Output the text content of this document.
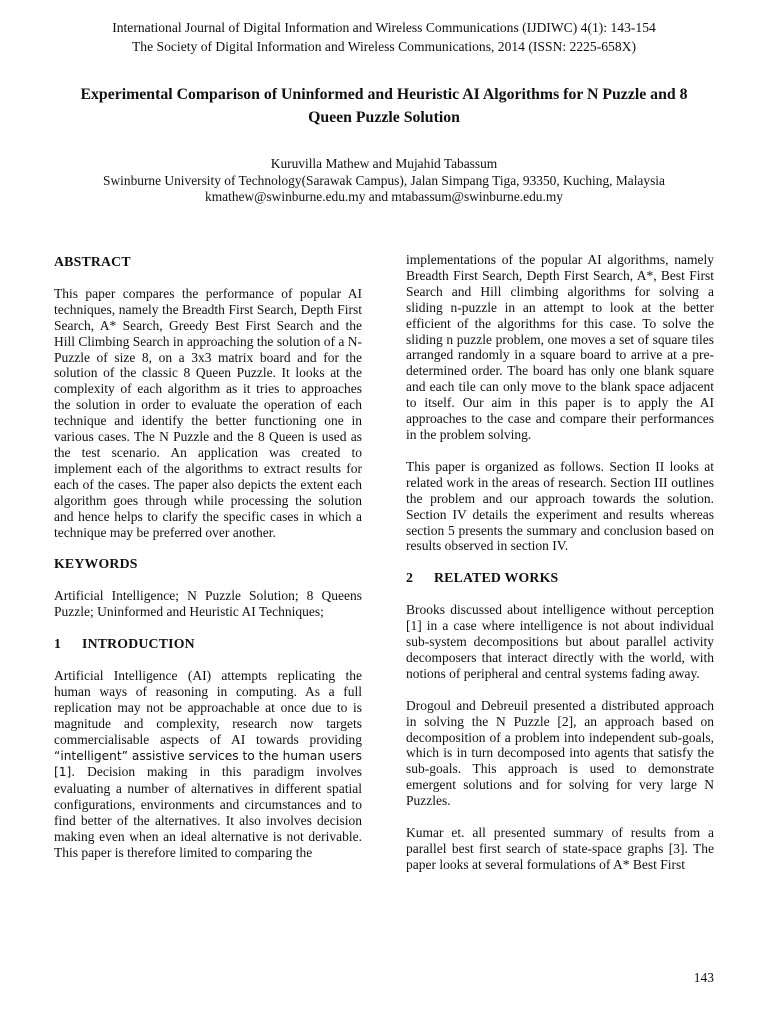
International Journal of Digital Information and Wireless Communications (IJDIWC) 4(1): 143-154
The Society of Digital Information and Wireless Communications, 2014 (ISSN: 2225-658X)
Experimental Comparison of Uninformed and Heuristic AI Algorithms for N Puzzle and 8 Queen Puzzle Solution
Kuruvilla Mathew and Mujahid Tabassum
Swinburne University of Technology(Sarawak Campus), Jalan Simpang Tiga, 93350, Kuching, Malaysia
kmathew@swinburne.edu.my and mtabassum@swinburne.edu.my
ABSTRACT

This paper compares the performance of popular AI techniques, namely the Breadth First Search, Depth First Search, A* Search, Greedy Best First Search and the Hill Climbing Search in approaching the solution of a N-Puzzle of size 8, on a 3x3 matrix board and for the solution of the classic 8 Queen Puzzle. It looks at the complexity of each algorithm as it tries to approaches the solution in order to evaluate the operation of each technique and identify the better functioning one in various cases. The N Puzzle and the 8 Queen is used as the test scenario. An application was created to implement each of the algorithms to extract results for each of the cases. The paper also depicts the extent each algorithm goes through while processing the solution and hence helps to clarify the specific cases in which a technique may be preferred over another.

KEYWORDS

Artificial Intelligence; N Puzzle Solution; 8 Queens Puzzle; Uninformed and Heuristic AI Techniques;

1 INTRODUCTION

Artificial Intelligence (AI) attempts replicating the human ways of reasoning in computing. As a full replication may not be approachable at once due to is magnitude and complexity, research now targets commercialisable aspects of AI towards providing “intelligent” assistive services to the human users [1]. Decision making in this paradigm involves evaluating a number of alternatives in different spatial configurations, environments and circumstances and to find better of the alternatives. It also involves decision making even when an ideal alternative is not derivable. This paper is therefore limited to comparing the

implementations of the popular AI algorithms, namely Breadth First Search, Depth First Search, A*, Best First Search and Hill climbing algorithms for solving a sliding n-puzzle in an attempt to look at the better efficient of the algorithms for this case. To solve the sliding n puzzle problem, one moves a set of square tiles arranged randomly in a square board to arrive at a pre-determined order. The board has only one blank square and each tile can only move to the blank space adjacent to itself. Our aim in this paper is to apply the AI approaches to the case and compare their performances in the problem solving.

This paper is organized as follows. Section II looks at related work in the areas of research. Section III outlines the problem and our approach towards the solution. Section IV details the experiment and results whereas section 5 presents the summary and conclusion based on results observed in section IV.

2 RELATED WORKS

Brooks discussed about intelligence without perception [1] in a case where intelligence is not about individual sub-system decompositions but about parallel activity decomposers that interact directly with the world, with notions of peripheral and central systems fading away.

Drogoul and Debreuil presented a distributed approach in solving the N Puzzle [2], an approach based on decomposition of a problem into independent sub-goals, which is in turn decomposed into agents that satisfy the sub-goals. This approach is used to demonstrate emergent solutions and for solving for very large N Puzzles.

Kumar et. all presented summary of results from a parallel best first search of state-space graphs [3]. The paper looks at several formulations of A* Best First

143
